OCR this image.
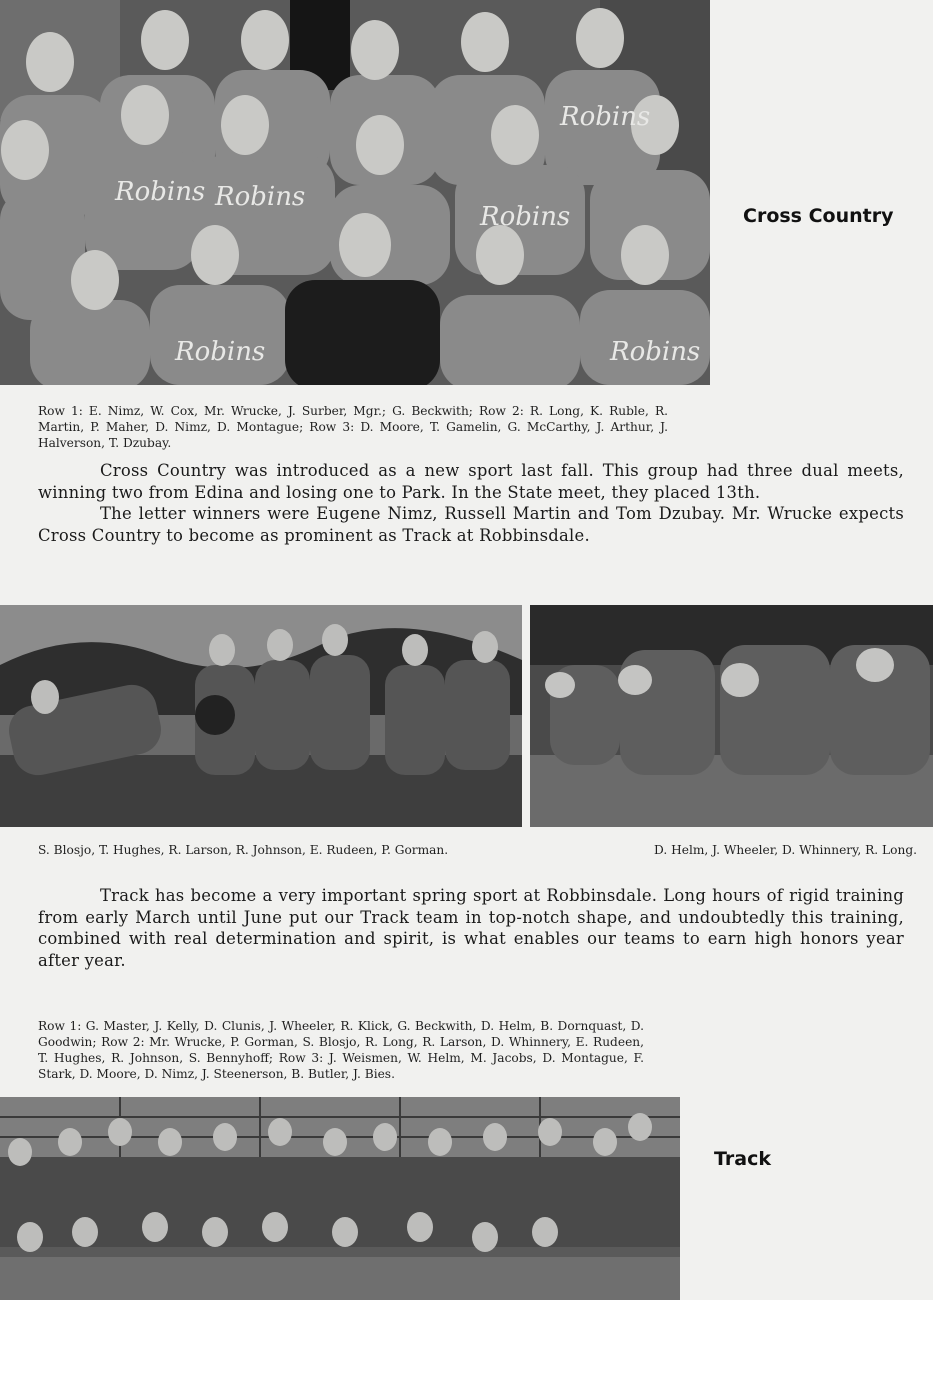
Robins Robins
Robins
Robins	Robins
Robins
Cross Country
Row 1: E. Nimz, W. Cox, Mr. Wrucke, J. Surber, Mgr.; G. Beckwith; Row 2: R. Long, K. Ruble, R. Martin, P. Maher, D. Nimz, D. Montague; Row 3: D. Moore, T. Gamelin, G. McCarthy, J. Arthur, J. Halverson, T. Dzubay.

Cross Country was introduced as a new sport last fall. This group had three dual meets, winning two from Edina and losing one to Park. In the State meet, they placed 13th.

The letter winners were Eugene Nimz, Russell Martin and Tom Dzubay. Mr. Wrucke expects Cross Country to become as prominent as Track at Robbinsdale.

S. Blosjo, T. Hughes, R. Larson, R. Johnson, E. Rudeen, P. Gorman.	D. Helm, J. Wheeler, D. Whinnery, R. Long.

Track has become a very important spring sport at Robbinsdale. Long hours of rigid training from early March until June put our Track team in top-notch shape, and undoubtedly this training, combined with real determination and spirit, is what enables our teams to earn high honors year after year.

Row 1: G. Master, J. Kelly, D. Clunis, J. Wheeler, R. Klick, G. Beckwith, D. Helm, B. Dornquast, D. Goodwin; Row 2: Mr. Wrucke, P. Gorman, S. Blosjo, R. Long, R. Larson, D. Whinnery, E. Rudeen, T. Hughes, R. Johnson, S. Bennyhoff; Row 3: J. Weismen, W. Helm, M. Jacobs, D. Montague, F. Stark, D. Moore, D. Nimz, J. Steenerson, B. Butler, J. Bies.
Track
